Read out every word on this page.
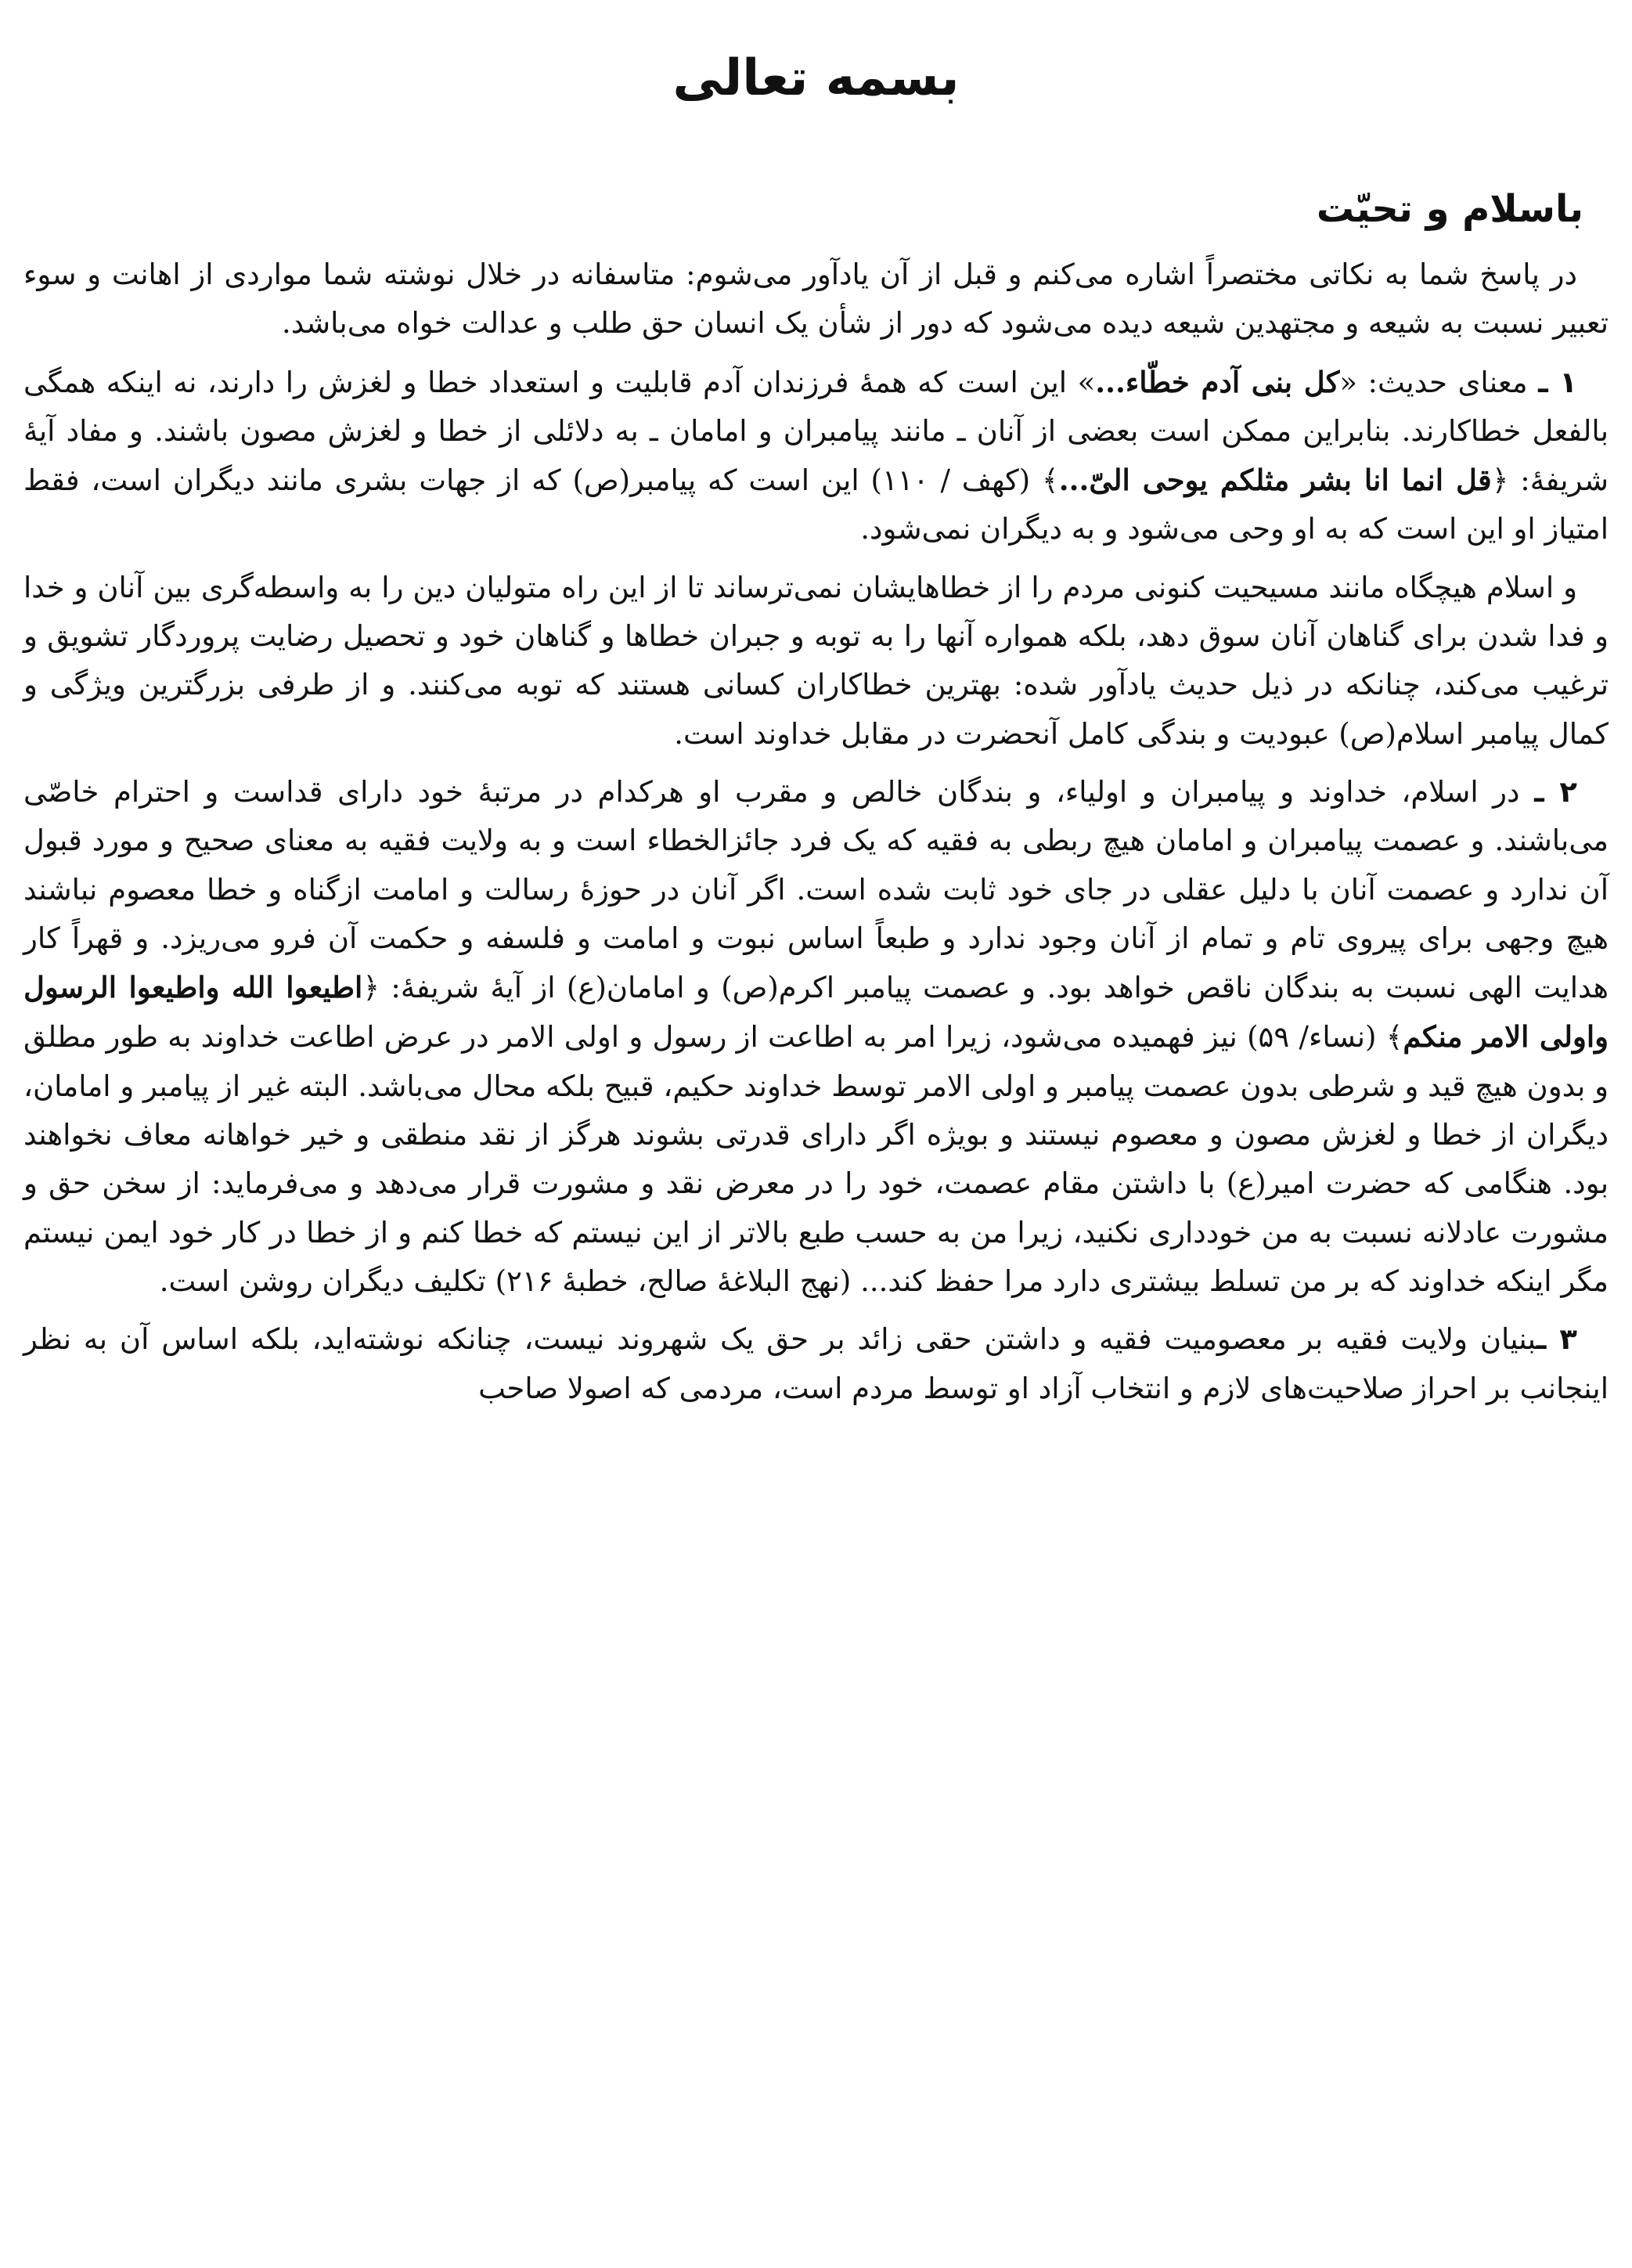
بسمه تعالی
باسلام و تحیّت

در پاسخ شما به نکاتی مختصراً اشاره می‌کنم و قبل از آن یادآور می‌شوم: متاسفانه در خلال نوشته شما مواردی از اهانت و سوء تعبیر نسبت به شیعه و مجتهدین شیعه دیده می‌شود که دور از شأن یک انسان حق طلب و عدالت خواه می‌باشد.

۱ ـ معنای حدیث: «کل بنی آدم خطّاء...» این است که همهٔ فرزندان آدم قابلیت و استعداد خطا و لغزش را دارند، نه اینکه همگی بالفعل خطاکارند. بنابراین ممکن است بعضی از آنان ـ مانند پیامبران و امامان ـ به دلائلی از خطا و لغزش مصون باشند. و مفاد آیهٔ شریفهٔ: ﴿قل انما انا بشر مثلکم یوحی الیّ...﴾ (کهف / ۱۱۰) این است که پیامبر(ص) که از جهات بشری مانند دیگران است، فقط امتیاز او این است که به او وحی می‌شود و به دیگران نمی‌شود.

و اسلام هیچگاه مانند مسیحیت کنونی مردم را از خطاهایشان نمی‌ترساند تا از این راه متولیان دین را به واسطه‌گری بین آنان و خدا و فدا شدن برای گناهان آنان سوق دهد، بلکه همواره آنها را به توبه و جبران خطاها و گناهان خود و تحصیل رضایت پروردگار تشویق و ترغیب می‌کند، چنانکه در ذیل حدیث یادآور شده: بهترین خطاکاران کسانی هستند که توبه می‌کنند. و از طرفی بزرگترین ویژگی و کمال پیامبر اسلام(ص) عبودیت و بندگی کامل آنحضرت در مقابل خداوند است.

۲ ـ در اسلام، خداوند و پیامبران و اولیاء، و بندگان خالص و مقرب او هرکدام در مرتبهٔ خود دارای قداست و احترام خاصّی می‌باشند. و عصمت پیامبران و امامان هیچ ربطی به فقیه که یک فرد جائزالخطاء است و به ولایت فقیه به معنای صحیح و مورد قبول آن ندارد و عصمت آنان با دلیل عقلی در جای خود ثابت شده است. اگر آنان در حوزهٔ رسالت و امامت ازگناه و خطا معصوم نباشند هیچ وجهی برای پیروی تام و تمام از آنان وجود ندارد و طبعاً اساس نبوت و امامت و فلسفه و حکمت آن فرو می‌ریزد. و قهراً کار هدایت الهی نسبت به بندگان ناقص خواهد بود. و عصمت پیامبر اکرم(ص) و امامان(ع) از آیهٔ شریفهٔ: ﴿اطیعوا الله واطیعوا الرسول واولی الامر منکم﴾ (نساء/ ۵۹) نیز فهمیده می‌شود، زیرا امر به اطاعت از رسول و اولی الامر در عرض اطاعت خداوند به طور مطلق و بدون هیچ قید و شرطی بدون عصمت پیامبر و اولی الامر توسط خداوند حکیم، قبیح بلکه محال می‌باشد. البته غیر از پیامبر و امامان، دیگران از خطا و لغزش مصون و معصوم نیستند و بویژه اگر دارای قدرتی بشوند هرگز از نقد منطقی و خیر خواهانه معاف نخواهند بود. هنگامی که حضرت امیر(ع) با داشتن مقام عصمت، خود را در معرض نقد و مشورت قرار می‌دهد و می‌فرماید: از سخن حق و مشورت عادلانه نسبت به من خودداری نکنید، زیرا من به حسب طبع بالاتر از این نیستم که خطا کنم و از خطا در کار خود ایمن نیستم مگر اینکه خداوند که بر من تسلط بیشتری دارد مرا حفظ کند... (نهج البلاغهٔ صالح، خطبهٔ ۲۱۶) تکلیف دیگران روشن است.

۳ ـبنیان ولایت فقیه بر معصومیت فقیه و داشتن حقی زائد بر حق یک شهروند نیست، چنانکه نوشته‌اید، بلکه اساس آن به نظر اینجانب بر احراز صلاحیت‌های لازم و انتخاب آزاد او توسط مردم است، مردمی که اصولا صاحب
